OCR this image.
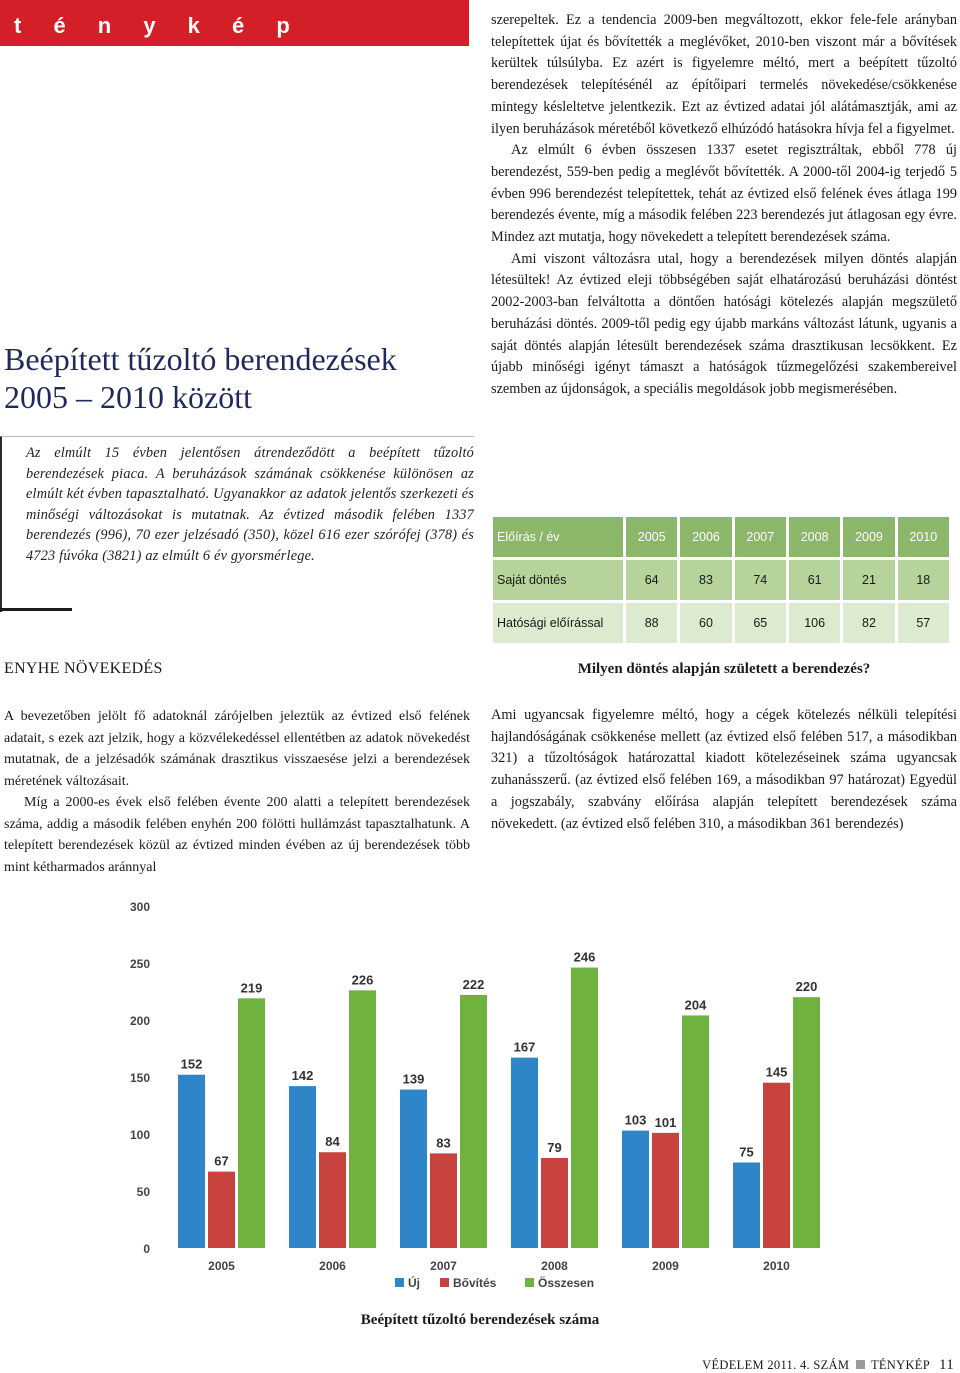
t é n y k é p
Beépített tűzoltó berendezések
2005 – 2010 között
Az elmúlt 15 évben jelentősen átrendeződött a beépített tűzoltó berendezések piaca. A beruházások számának csökkenése különösen az elmúlt két évben tapasztalható. Ugyanakkor az adatok jelentős szerkezeti és minőségi változásokat is mutatnak. Az évtized második felében 1337 berendezés (996), 70 ezer jelzésadó (350), közel 616 ezer szórófej (378) és 4723 fúvóka (3821) az elmúlt 6 év gyorsmérlege.
ENYHE NÖVEKEDÉS

A bevezetőben jelölt fő adatoknál zárójelben jeleztük az évtized első felének adatait, s ezek azt jelzik, hogy a közvélekedéssel ellentétben az adatok növekedést mutatnak, de a jelzésadók számának drasztikus visszaesése jelzi a berendezések méretének változásait.

Míg a 2000-es évek első felében évente 200 alatti a telepített berendezések száma, addig a második felében enyhén 200 fölötti hullámzást tapasztalhatunk. A telepített berendezések közül az évtized minden évében az új berendezések több mint kétharmados aránnyal

szerepeltek. Ez a tendencia 2009-ben megváltozott, ekkor fele-fele arányban telepítettek újat és bővítették a meglévőket, 2010-ben viszont már a bővítések kerültek túlsúlyba. Ez azért is figyelemre méltó, mert a beépített tűzoltó berendezések telepítésénél az építőipari termelés növekedése/csökkenése mintegy késleltetve jelentkezik. Ezt az évtized adatai jól alátámasztják, ami az ilyen beruházások méretéből következő elhúzódó hatásokra hívja fel a figyelmet.

Az elmúlt 6 évben összesen 1337 esetet regisztráltak, ebből 778 új berendezést, 559-ben pedig a meglévőt bővítették. A 2000-től 2004-ig terjedő 5 évben 996 berendezést telepítettek, tehát az évtized első felének éves átlaga 199 berendezés évente, míg a második felében 223 berendezés jut átlagosan egy évre. Mindez azt mutatja, hogy növekedett a telepített berendezések száma.

Ami viszont változásra utal, hogy a berendezések milyen döntés alapján létesültek! Az évtized eleji többségében saját elhatározású beruházási döntést 2002-2003-ban felváltotta a döntően hatósági kötelezés alapján megszülető beruházási döntés. 2009-től pedig egy újabb markáns változást látunk, ugyanis a saját döntés alapján létesült berendezések száma drasztikusan lecsökkent. Ez újabb minőségi igényt támaszt a hatóságok tűzmegelőzési szakembereivel szemben az újdonságok, a speciális megoldások jobb megismerésében.

Előírás / év	2005	2006	2007	2008	2009	2010
Saját döntés	64	83	74	61	21	18
Hatósági előírással	88	60	65	106	82	57
Milyen döntés alapján született a berendezés?

Ami ugyancsak figyelemre méltó, hogy a cégek kötelezés nélküli telepítési hajlandóságának csökkenése mellett (az évtized első felében 517, a másodikban 321) a tűzoltóságok határozattal kiadott kötelezéseinek száma ugyancsak zuhanásszerű. (az évtized első felében 169, a másodikban 97 határozat) Egyedül a jogszabály, szabvány előírása alapján telepített berendezések száma növekedett. (az évtized első felében 310, a másodikban 361 berendezés)

0
50
100
150
200
250
300
152
67
219
2005
142
84
226
2006
139
83
222
2007
167
79
246
2008
103 101
204
2009
75
145
220
2010
Új	Bővítés	Összesen
Beépített tűzoltó berendezések száma
VÉDELEM 2011. 4. SZÁM TÉNYKÉP 11
